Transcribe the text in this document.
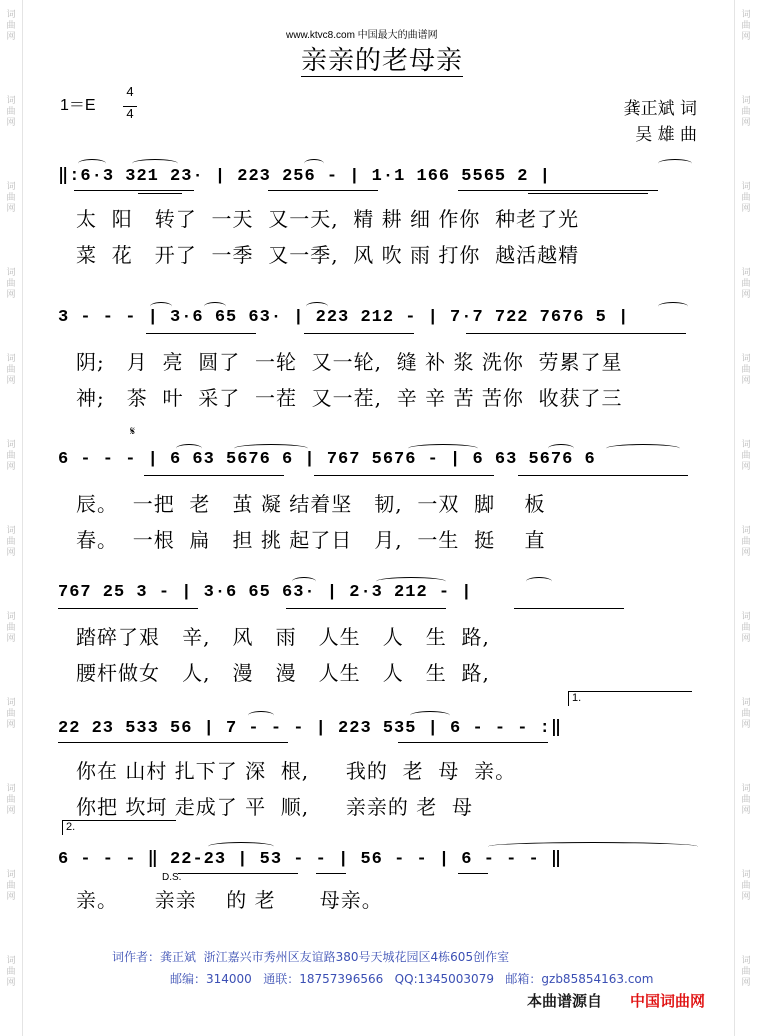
词
曲
网
词
曲
网
词
曲
网
词
曲
网
词
曲
网
词
曲
网
词
曲
网
词
曲
网
词
曲
网
词
曲
网
词
曲
网
词
曲
网
词
曲
网
词
曲
网
词
曲
网
词
曲
网
词
曲
网
词
曲
网
词
曲
网
词
曲
网
词
曲
网
词
曲
网
词
曲
网
词
曲
网
www.ktvc8.com 中国最大的曲谱网
亲亲的老母亲
1＝E
4
4	龚正斌 词
吴 雄 曲
‖:6·3 321 23· | 223 256 - | 1·1 166 5565 2 |
太  阳   转了  一天  又一天,  精 耕 细 作你  种老了光
菜  花   开了  一季  又一季,  风 吹 雨 打你  越活越精
3 - - - | 3·6 65 63· | 223 212 - | 7·7 722 7676 5 |
阴;   月  亮  圆了  一轮  又一轮,  缝 补 浆 洗你  劳累了星
神;   茶  叶  采了  一茬  又一茬,  辛 辛 苦 苦你  收获了三
𝄋
6 - - - | 6 63 5676 6 | 767 5676 - | 6 63 5676 6
辰。  一把  老   茧 凝 结着坚   韧,  一双  脚    板
春。  一根  扁   担 挑 起了日   月,  一生  挺    直
767 25 3 - | 3·6 65 63· | 2·3 212 - |
踏碎了艰   辛,   风   雨   人生   人   生  路,
腰杆做女   人,   漫   漫   人生   人   生  路,
1.
22 23 533 56 | 7 - - - | 223 535 | 6 - - - :‖
你在 山村 扎下了 深  根,     我的  老  母  亲。
你把 坎坷 走成了 平  顺,     亲亲的 老  母
2.
6 - - - ‖ 22-23 | 53 - - | 56 - - | 6 - - - ‖
D.S.
亲。     亲亲    的 老      母亲。
词作者：龚正斌  浙江嘉兴市秀州区友谊路380号天城花园区4栋605创作室
邮编：314000   通联：18757396566   QQ:1345003079   邮箱：gzb85854163.com
本曲谱源自 中国词曲网
